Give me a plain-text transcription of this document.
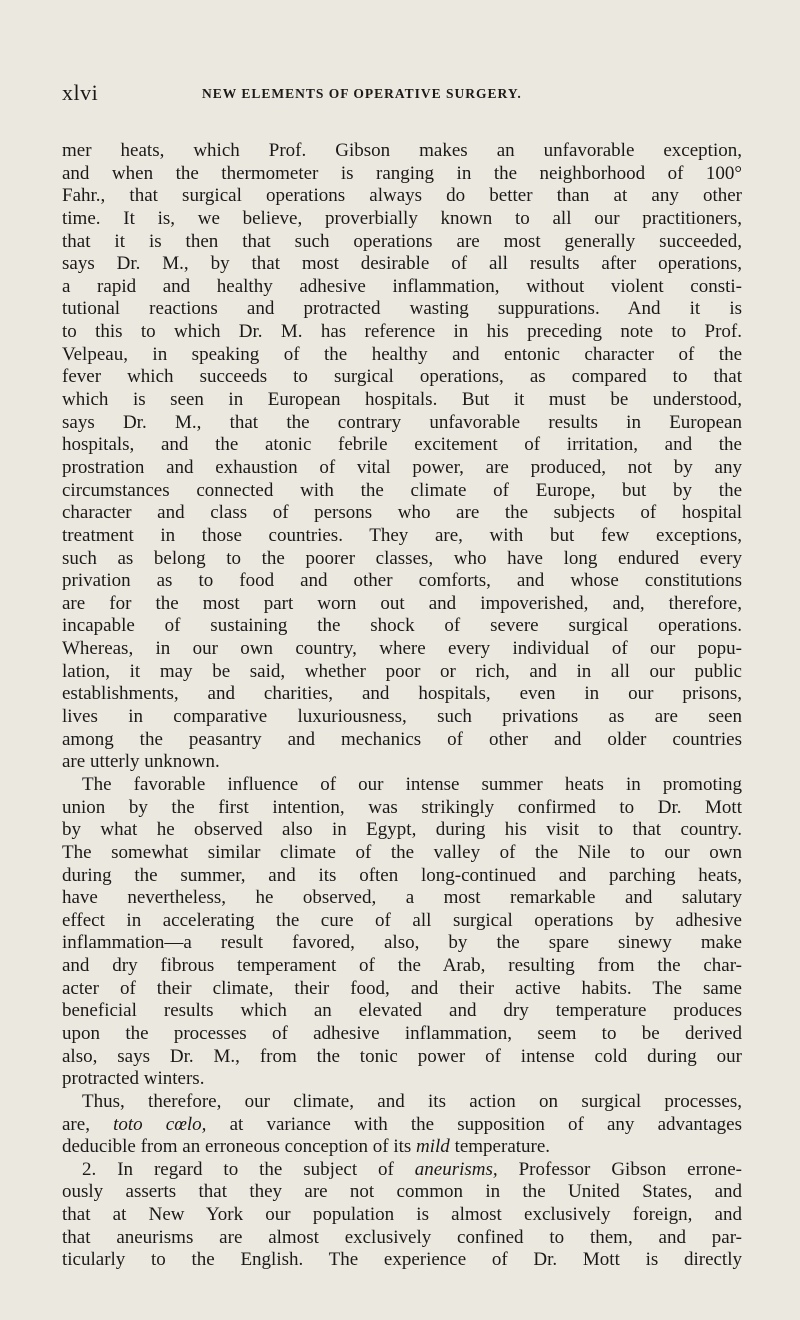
xlvi	NEW ELEMENTS OF OPERATIVE SURGERY.
mer heats, which Prof. Gibson makes an unfavorable exception,
and when the thermometer is ranging in the neighborhood of 100°
Fahr., that surgical operations always do better than at any other
time. It is, we believe, proverbially known to all our practitioners,
that it is then that such operations are most generally succeeded,
says Dr. M., by that most desirable of all results after operations,
a rapid and healthy adhesive inflammation, without violent consti-
tutional reactions and protracted wasting suppurations. And it is
to this to which Dr. M. has reference in his preceding note to Prof.
Velpeau, in speaking of the healthy and entonic character of the
fever which succeeds to surgical operations, as compared to that
which is seen in European hospitals. But it must be understood,
says Dr. M., that the contrary unfavorable results in European
hospitals, and the atonic febrile excitement of irritation, and the
prostration and exhaustion of vital power, are produced, not by any
circumstances connected with the climate of Europe, but by the
character and class of persons who are the subjects of hospital
treatment in those countries. They are, with but few exceptions,
such as belong to the poorer classes, who have long endured every
privation as to food and other comforts, and whose constitutions
are for the most part worn out and impoverished, and, therefore,
incapable of sustaining the shock of severe surgical operations.
Whereas, in our own country, where every individual of our popu-
lation, it may be said, whether poor or rich, and in all our public
establishments, and charities, and hospitals, even in our prisons,
lives in comparative luxuriousness, such privations as are seen
among the peasantry and mechanics of other and older countries
are utterly unknown.
The favorable influence of our intense summer heats in promoting
union by the first intention, was strikingly confirmed to Dr. Mott
by what he observed also in Egypt, during his visit to that country.
The somewhat similar climate of the valley of the Nile to our own
during the summer, and its often long-continued and parching heats,
have nevertheless, he observed, a most remarkable and salutary
effect in accelerating the cure of all surgical operations by adhesive
inflammation—a result favored, also, by the spare sinewy make
and dry fibrous temperament of the Arab, resulting from the char-
acter of their climate, their food, and their active habits. The same
beneficial results which an elevated and dry temperature produces
upon the processes of adhesive inflammation, seem to be derived
also, says Dr. M., from the tonic power of intense cold during our
protracted winters.
Thus, therefore, our climate, and its action on surgical processes,
are, toto cœlo, at variance with the supposition of any advantages
deducible from an erroneous conception of its mild temperature.
2. In regard to the subject of aneurisms, Professor Gibson errone-
ously asserts that they are not common in the United States, and
that at New York our population is almost exclusively foreign, and
that aneurisms are almost exclusively confined to them, and par-
ticularly to the English. The experience of Dr. Mott is directly
